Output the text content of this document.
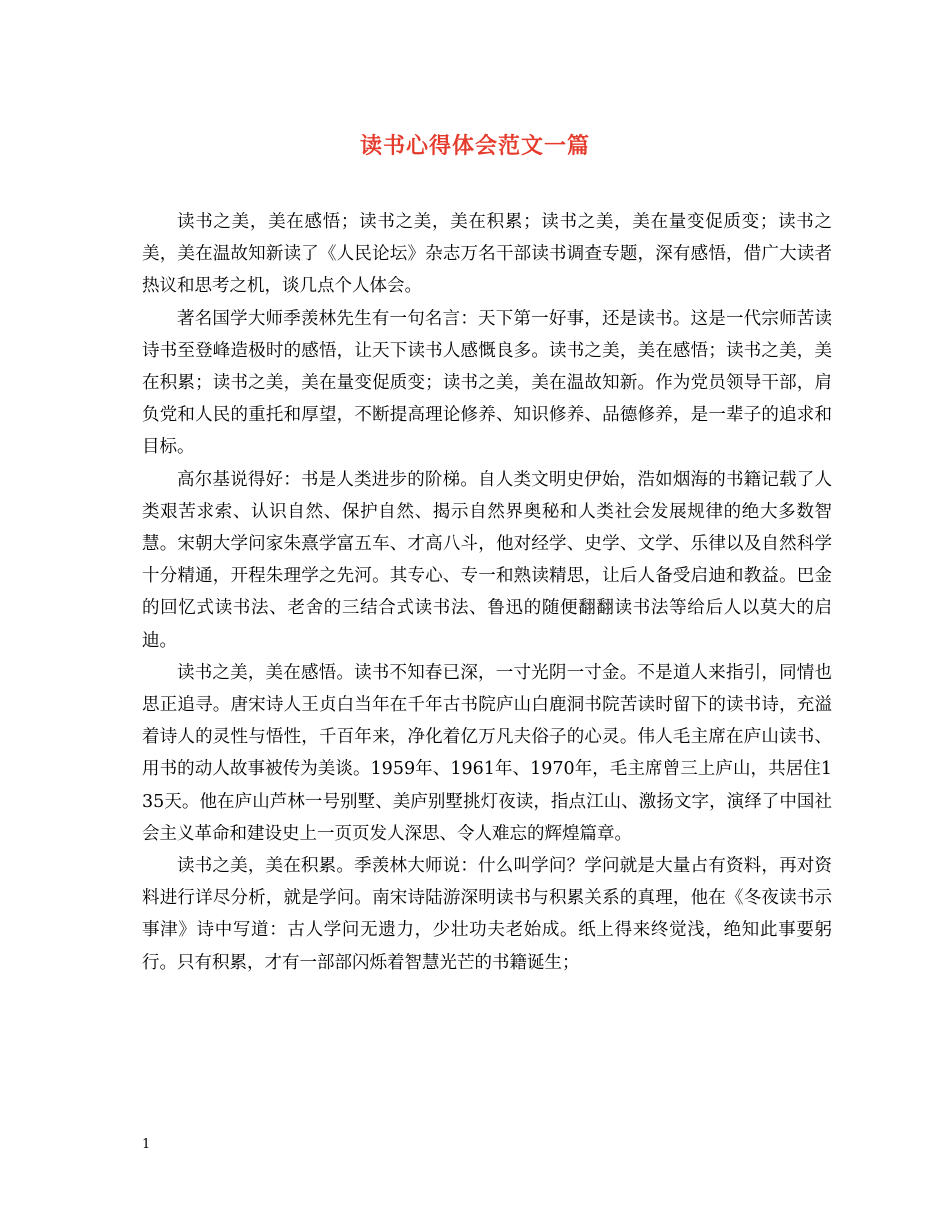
读书心得体会范文一篇

读书之美，美在感悟；读书之美，美在积累；读书之美，美在量变促质变；读书之美，美在温故知新读了《人民论坛》杂志万名干部读书调查专题，深有感悟，借广大读者热议和思考之机，谈几点个人体会。

著名国学大师季羡林先生有一句名言：天下第一好事，还是读书。这是一代宗师苦读诗书至登峰造极时的感悟，让天下读书人感慨良多。读书之美，美在感悟；读书之美，美在积累；读书之美，美在量变促质变；读书之美，美在温故知新。作为党员领导干部，肩负党和人民的重托和厚望，不断提高理论修养、知识修养、品德修养，是一辈子的追求和目标。

高尔基说得好：书是人类进步的阶梯。自人类文明史伊始，浩如烟海的书籍记载了人类艰苦求索、认识自然、保护自然、揭示自然界奥秘和人类社会发展规律的绝大多数智慧。宋朝大学问家朱熹学富五车、才高八斗，他对经学、史学、文学、乐律以及自然科学十分精通，开程朱理学之先河。其专心、专一和熟读精思，让后人备受启迪和教益。巴金的回忆式读书法、老舍的三结合式读书法、鲁迅的随便翻翻读书法等给后人以莫大的启迪。

读书之美，美在感悟。读书不知春已深，一寸光阴一寸金。不是道人来指引，同情也思正追寻。唐宋诗人王贞白当年在千年古书院庐山白鹿洞书院苦读时留下的读书诗，充溢着诗人的灵性与悟性，千百年来，净化着亿万凡夫俗子的心灵。伟人毛主席在庐山读书、用书的动人故事被传为美谈。1959年、1961年、1970年，毛主席曾三上庐山，共居住135天。他在庐山芦林一号别墅、美庐别墅挑灯夜读，指点江山、激扬文字，演绎了中国社会主义革命和建设史上一页页发人深思、令人难忘的辉煌篇章。

读书之美，美在积累。季羡林大师说：什么叫学问？学问就是大量占有资料，再对资料进行详尽分析，就是学问。南宋诗陆游深明读书与积累关系的真理，他在《冬夜读书示事津》诗中写道：古人学问无遗力，少壮功夫老始成。纸上得来终觉浅，绝知此事要躬行。只有积累，才有一部部闪烁着智慧光芒的书籍诞生；

1
